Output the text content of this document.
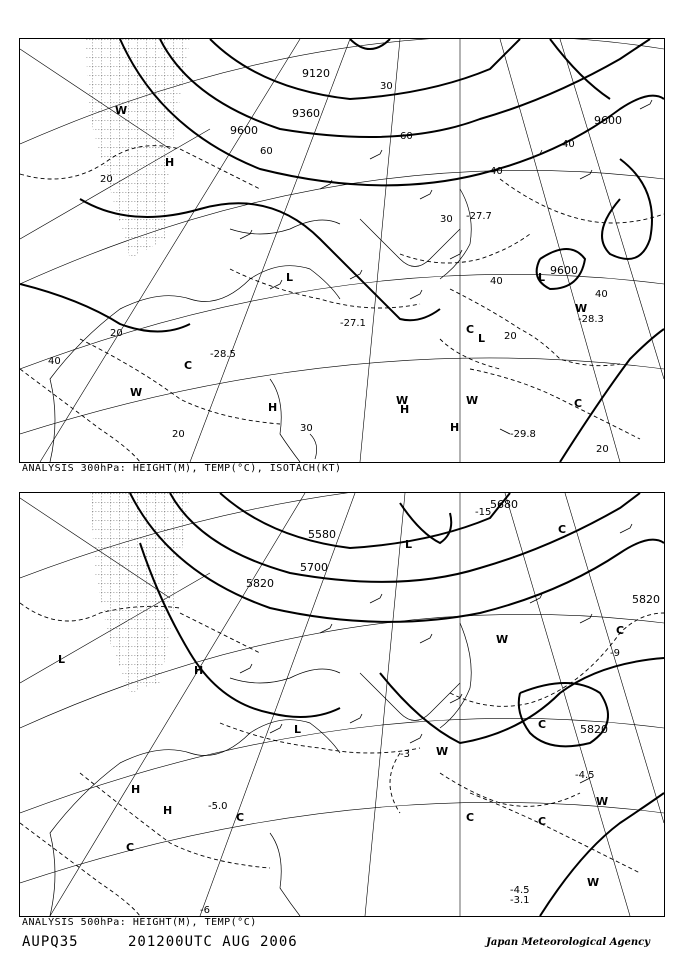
9120
9360
9600
9600
9600
20
20
20
20
20
30
30
30
40
40
40
40
40
60
60
-29.8
-28.3
-27.1
-27.7
-28.5
W
W
W	W
W
H
H	H
H
L
L
L
C
C
C
ANALYSIS 300hPa: HEIGHT(M), TEMP(°C), ISOTACH(KT)
5580
5700
5820
5820
5820
5680
-15
-9
-6
-3
-4.5
-4.5
-3.1
-5.0
W
W
W
W
H
H
H
L
L
L
C
C
C
C	C
C
C
ANALYSIS 500hPa: HEIGHT(M), TEMP(°C)
AUPQ35	201200UTC AUG 2006	Japan Meteorological Agency
